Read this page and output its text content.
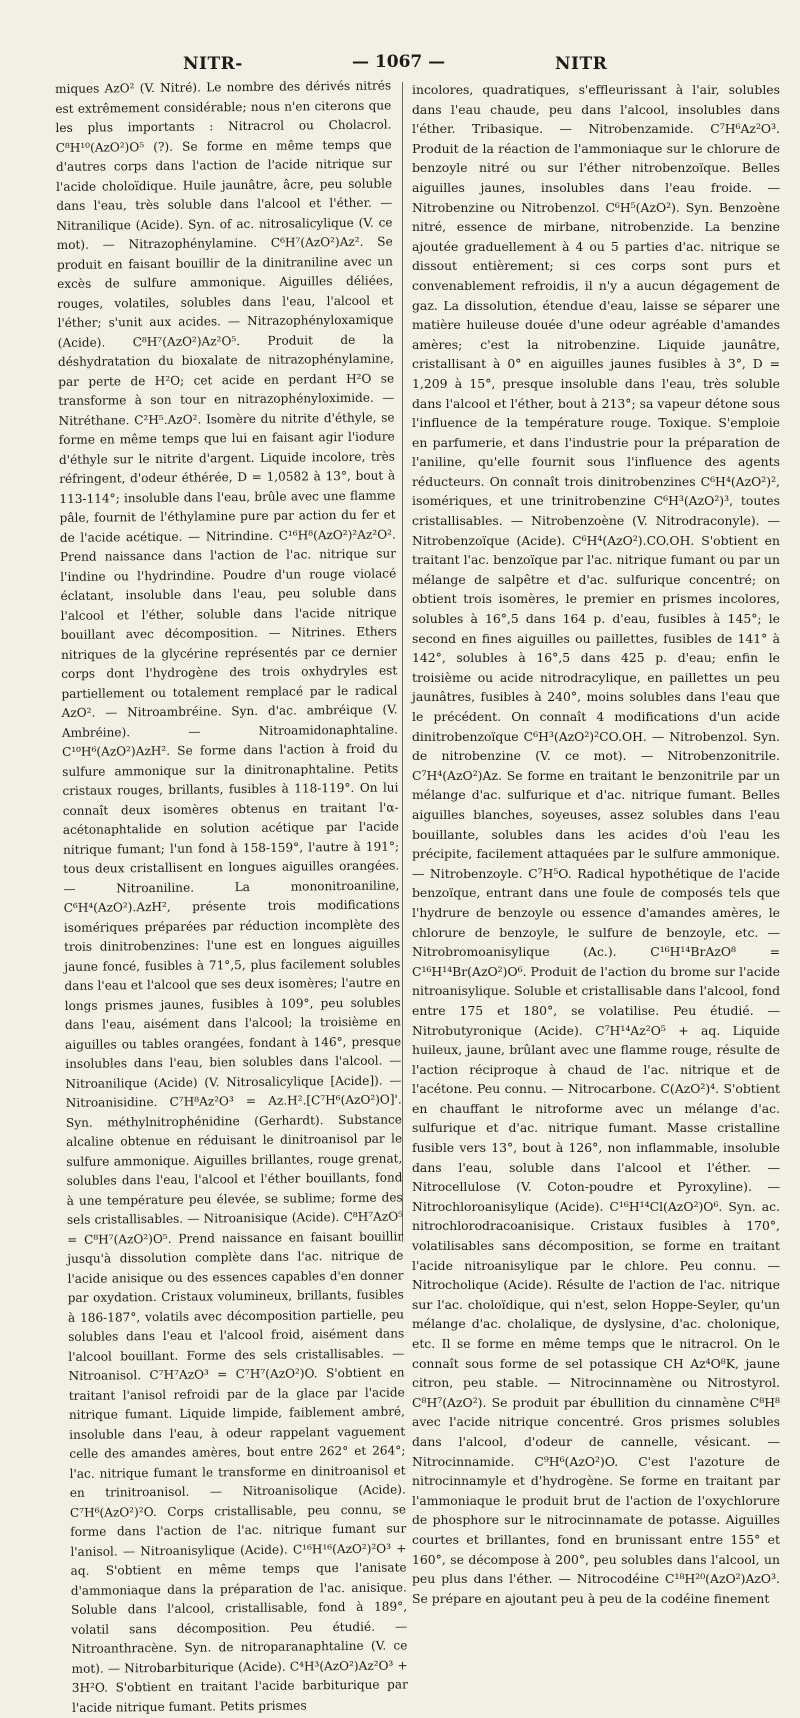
NITR-	— 1067 —	NITR

miques AzO² (V. Nitré). Le nombre des dérivés nitrés est extrêmement considérable; nous n'en citerons que les plus importants : Nitracrol ou Cholacrol. C⁸H¹⁰(AzO²)O⁵ (?). Se forme en même temps que d'autres corps dans l'action de l'acide nitrique sur l'acide choloïdique. Huile jaunâtre, âcre, peu soluble dans l'eau, très soluble dans l'alcool et l'éther. — Nitranilique (Acide). Syn. of ac. nitrosalicylique (V. ce mot). — Nitrazophénylamine. C⁶H⁷(AzO²)Az². Se produit en faisant bouillir de la dinitraniline avec un excès de sulfure ammonique. Aiguilles déliées, rouges, volatiles, solubles dans l'eau, l'alcool et l'éther; s'unit aux acides. — Nitrazophényloxamique (Acide). C⁸H⁷(AzO²)Az²O⁵. Produit de la déshydratation du bioxalate de nitrazophénylamine, par perte de H²O; cet acide en perdant H²O se transforme à son tour en nitrazophényloximide. — Nitréthane. C²H⁵.AzO². Isomère du nitrite d'éthyle, se forme en même temps que lui en faisant agir l'iodure d'éthyle sur le nitrite d'argent. Liquide incolore, très réfringent, d'odeur éthérée, D = 1,0582 à 13°, bout à 113-114°; insoluble dans l'eau, brûle avec une flamme pâle, fournit de l'éthylamine pure par action du fer et de l'acide acétique. — Nitrindine. C¹⁶H⁸(AzO²)²Az²O². Prend naissance dans l'action de l'ac. nitrique sur l'indine ou l'hydrindine. Poudre d'un rouge violacé éclatant, insoluble dans l'eau, peu soluble dans l'alcool et l'éther, soluble dans l'acide nitrique bouillant avec décomposition. — Nitrines. Ethers nitriques de la glycérine représentés par ce dernier corps dont l'hydrogène des trois oxhydryles est partiellement ou totalement remplacé par le radical AzO². — Nitroambréine. Syn. d'ac. ambréique (V. Ambréine). — Nitroamidonaphtaline. C¹⁰H⁶(AzO²)AzH². Se forme dans l'action à froid du sulfure ammonique sur la dinitronaphtaline. Petits cristaux rouges, brillants, fusibles à 118-119°. On lui connaît deux isomères obtenus en traitant l'α-acétonaphtalide en solution acétique par l'acide nitrique fumant; l'un fond à 158-159°, l'autre à 191°; tous deux cristallisent en longues aiguilles orangées. — Nitroaniline. La mononitroaniline, C⁶H⁴(AzO²).AzH², présente trois modifications isomériques préparées par réduction incomplète des trois dinitrobenzines: l'une est en longues aiguilles jaune foncé, fusibles à 71°,5, plus facilement solubles dans l'eau et l'alcool que ses deux isomères; l'autre en longs prismes jaunes, fusibles à 109°, peu solubles dans l'eau, aisément dans l'alcool; la troisième en aiguilles ou tables orangées, fondant à 146°, presque insolubles dans l'eau, bien solubles dans l'alcool. — Nitroanilique (Acide) (V. Nitrosalicylique [Acide]). — Nitroanisidine. C⁷H⁸Az²O³ = Az.H².[C⁷H⁶(AzO²)O]'. Syn. méthylnitrophénidine (Gerhardt). Substance alcaline obtenue en réduisant le dinitroanisol par le sulfure ammonique. Aiguilles brillantes, rouge grenat, solubles dans l'eau, l'alcool et l'éther bouillants, fond à une température peu élevée, se sublime; forme des sels cristallisables. — Nitroanisique (Acide). C⁸H⁷AzO⁵ = C⁸H⁷(AzO²)O⁵. Prend naissance en faisant bouillir jusqu'à dissolution complète dans l'ac. nitrique de l'acide anisique ou des essences capables d'en donner par oxydation. Cristaux volumineux, brillants, fusibles à 186-187°, volatils avec décomposition partielle, peu solubles dans l'eau et l'alcool froid, aisément dans l'alcool bouillant. Forme des sels cristallisables. — Nitroanisol. C⁷H⁷AzO³ = C⁷H⁷(AzO²)O. S'obtient en traitant l'anisol refroidi par de la glace par l'acide nitrique fumant. Liquide limpide, faiblement ambré, insoluble dans l'eau, à odeur rappelant vaguement celle des amandes amères, bout entre 262° et 264°; l'ac. nitrique fumant le transforme en dinitroanisol et en trinitroanisol. — Nitroanisolique (Acide). C⁷H⁶(AzO²)²O. Corps cristallisable, peu connu, se forme dans l'action de l'ac. nitrique fumant sur l'anisol. — Nitroanisylique (Acide). C¹⁶H¹⁶(AzO²)²O³ + aq. S'obtient en même temps que l'anisate d'ammoniaque dans la préparation de l'ac. anisique. Soluble dans l'alcool, cristallisable, fond à 189°, volatil sans décomposition. Peu étudié. — Nitroanthracène. Syn. de nitroparanaphtaline (V. ce mot). — Nitrobarbiturique (Acide). C⁴H³(AzO²)Az²O³ + 3H²O. S'obtient en traitant l'acide barbiturique par l'acide nitrique fumant. Petits prismes

incolores, quadratiques, s'effleurissant à l'air, solubles dans l'eau chaude, peu dans l'alcool, insolubles dans l'éther. Tribasique. — Nitrobenzamide. C⁷H⁶Az²O³. Produit de la réaction de l'ammoniaque sur le chlorure de benzoyle nitré ou sur l'éther nitrobenzoïque. Belles aiguilles jaunes, insolubles dans l'eau froide. — Nitrobenzine ou Nitrobenzol. C⁶H⁵(AzO²). Syn. Benzoène nitré, essence de mirbane, nitrobenzide. La benzine ajoutée graduellement à 4 ou 5 parties d'ac. nitrique se dissout entièrement; si ces corps sont purs et convenablement refroidis, il n'y a aucun dégagement de gaz. La dissolution, étendue d'eau, laisse se séparer une matière huileuse douée d'une odeur agréable d'amandes amères; c'est la nitrobenzine. Liquide jaunâtre, cristallisant à 0° en aiguilles jaunes fusibles à 3°, D = 1,209 à 15°, presque insoluble dans l'eau, très soluble dans l'alcool et l'éther, bout à 213°; sa vapeur détone sous l'influence de la température rouge. Toxique. S'emploie en parfumerie, et dans l'industrie pour la préparation de l'aniline, qu'elle fournit sous l'influence des agents réducteurs. On connaît trois dinitrobenzines C⁶H⁴(AzO²)², isomériques, et une trinitrobenzine C⁶H³(AzO²)³, toutes cristallisables. — Nitrobenzoène (V. Nitrodraconyle). — Nitrobenzoïque (Acide). C⁶H⁴(AzO²).CO.OH. S'obtient en traitant l'ac. benzoïque par l'ac. nitrique fumant ou par un mélange de salpêtre et d'ac. sulfurique concentré; on obtient trois isomères, le premier en prismes incolores, solubles à 16°,5 dans 164 p. d'eau, fusibles à 145°; le second en fines aiguilles ou paillettes, fusibles de 141° à 142°, solubles à 16°,5 dans 425 p. d'eau; enfin le troisième ou acide nitrodracylique, en paillettes un peu jaunâtres, fusibles à 240°, moins solubles dans l'eau que le précédent. On connaît 4 modifications d'un acide dinitrobenzoïque C⁶H³(AzO²)²CO.OH. — Nitrobenzol. Syn. de nitrobenzine (V. ce mot). — Nitrobenzonitrile. C⁷H⁴(AzO²)Az. Se forme en traitant le benzonitrile par un mélange d'ac. sulfurique et d'ac. nitrique fumant. Belles aiguilles blanches, soyeuses, assez solubles dans l'eau bouillante, solubles dans les acides d'où l'eau les précipite, facilement attaquées par le sulfure ammonique. — Nitrobenzoyle. C⁷H⁵O. Radical hypothétique de l'acide benzoïque, entrant dans une foule de composés tels que l'hydrure de benzoyle ou essence d'amandes amères, le chlorure de benzoyle, le sulfure de benzoyle, etc. — Nitrobromoanisylique (Ac.). C¹⁶H¹⁴BrAzO⁸ = C¹⁶H¹⁴Br(AzO²)O⁶. Produit de l'action du brome sur l'acide nitroanisylique. Soluble et cristallisable dans l'alcool, fond entre 175 et 180°, se volatilise. Peu étudié. — Nitrobutyronique (Acide). C⁷H¹⁴Az²O⁵ + aq. Liquide huileux, jaune, brûlant avec une flamme rouge, résulte de l'action réciproque à chaud de l'ac. nitrique et de l'acétone. Peu connu. — Nitrocarbone. C(AzO²)⁴. S'obtient en chauffant le nitroforme avec un mélange d'ac. sulfurique et d'ac. nitrique fumant. Masse cristalline fusible vers 13°, bout à 126°, non inflammable, insoluble dans l'eau, soluble dans l'alcool et l'éther. — Nitrocellulose (V. Coton-poudre et Pyroxyline). — Nitrochloroanisylique (Acide). C¹⁶H¹⁴Cl(AzO²)O⁶. Syn. ac. nitrochlorodracoanisique. Cristaux fusibles à 170°, volatilisables sans décomposition, se forme en traitant l'acide nitroanisylique par le chlore. Peu connu. — Nitrocholique (Acide). Résulte de l'action de l'ac. nitrique sur l'ac. choloïdique, qui n'est, selon Hoppe-Seyler, qu'un mélange d'ac. cholalique, de dyslysine, d'ac. cholonique, etc. Il se forme en même temps que le nitracrol. On le connaît sous forme de sel potassique CH Az⁴O⁸K, jaune citron, peu stable. — Nitrocinnamène ou Nitrostyrol. C⁸H⁷(AzO²). Se produit par ébullition du cinnamène C⁸H⁸ avec l'acide nitrique concentré. Gros prismes solubles dans l'alcool, d'odeur de cannelle, vésicant. — Nitrocinnamide. C⁹H⁶(AzO²)O. C'est l'azoture de nitrocinnamyle et d'hydrogène. Se forme en traitant par l'ammoniaque le produit brut de l'action de l'oxychlorure de phosphore sur le nitrocinnamate de potasse. Aiguilles courtes et brillantes, fond en brunissant entre 155° et 160°, se décompose à 200°, peu solubles dans l'alcool, un peu plus dans l'éther. — Nitrocodéine C¹⁸H²⁰(AzO²)AzO³. Se prépare en ajoutant peu à peu de la codéine finement
